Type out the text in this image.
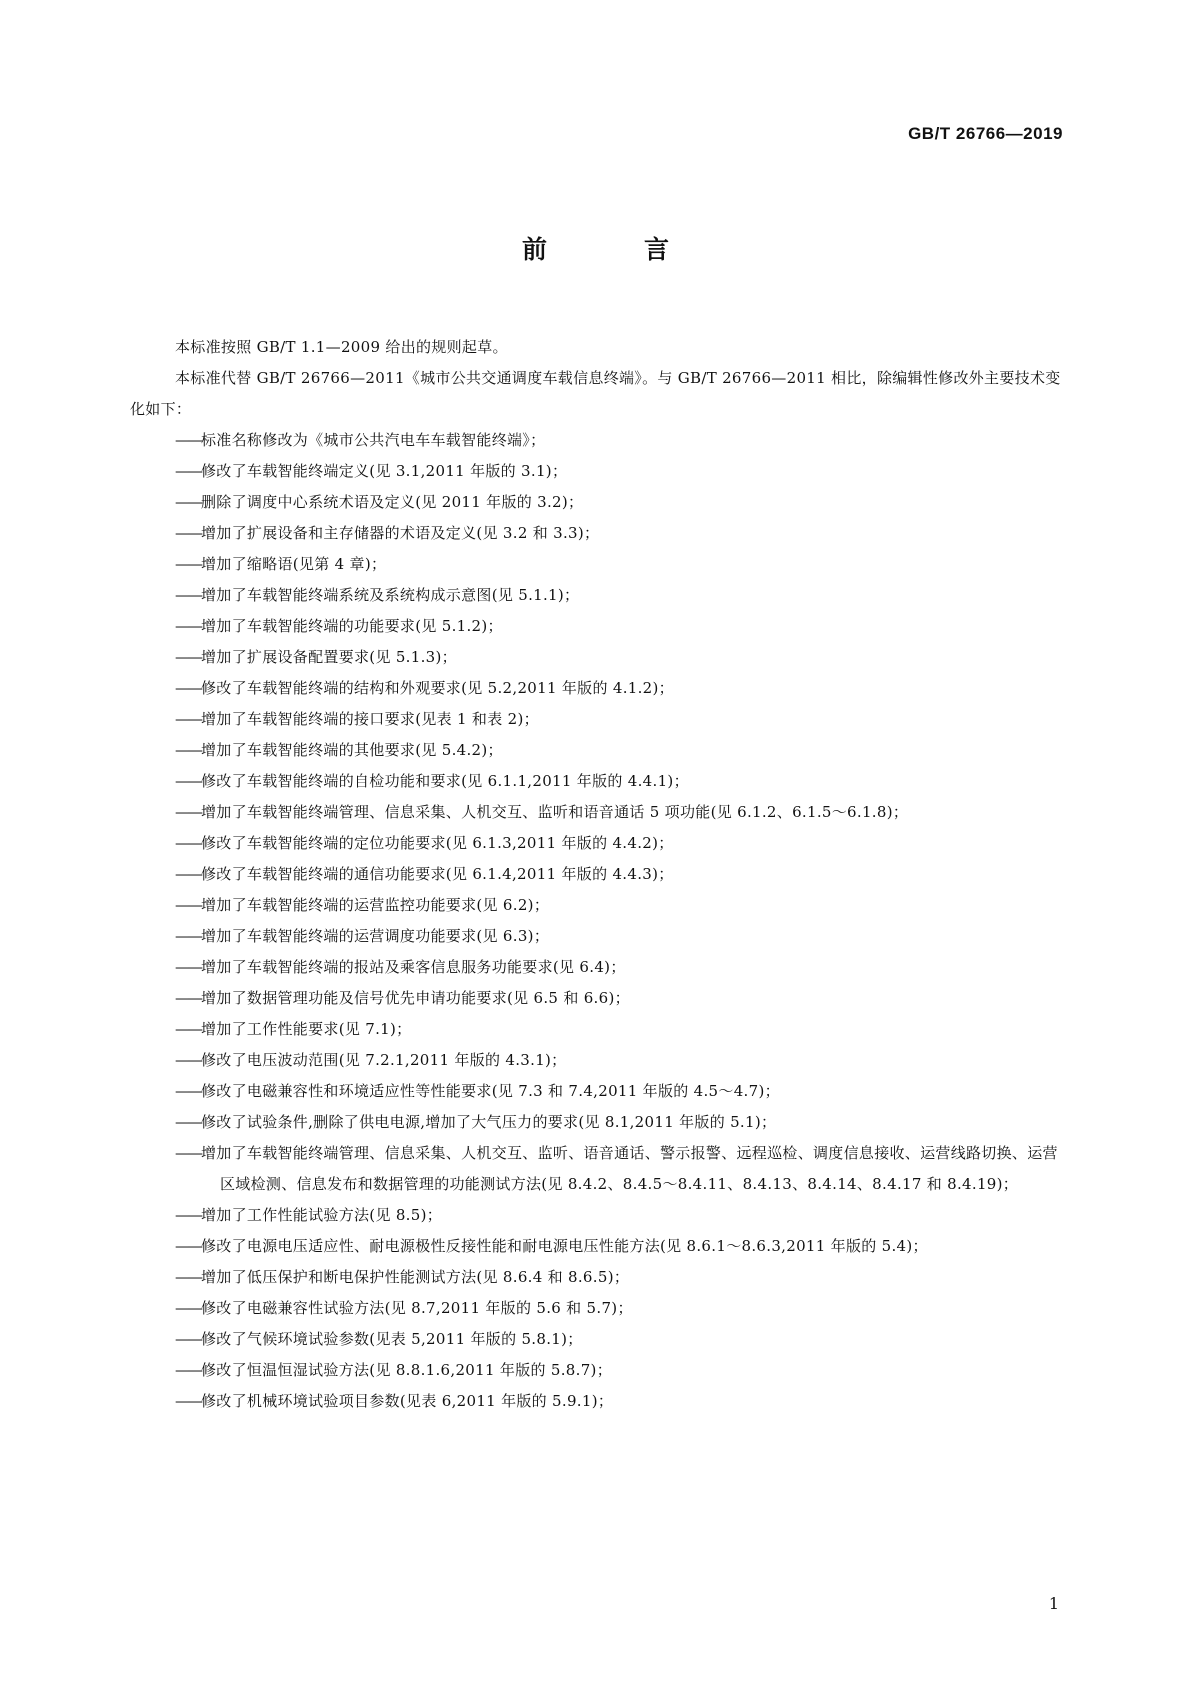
GB/T 26766—2019
前　言

本标准按照 GB/T 1.1—2009 给出的规则起草。

本标准代替 GB/T 26766—2011《城市公共交通调度车载信息终端》。与 GB/T 26766—2011 相比，除编辑性修改外主要技术变化如下：

——标准名称修改为《城市公共汽电车车载智能终端》；
——修改了车载智能终端定义(见 3.1,2011 年版的 3.1)；
——删除了调度中心系统术语及定义(见 2011 年版的 3.2)；
——增加了扩展设备和主存储器的术语及定义(见 3.2 和 3.3)；
——增加了缩略语(见第 4 章)；
——增加了车载智能终端系统及系统构成示意图(见 5.1.1)；
——增加了车载智能终端的功能要求(见 5.1.2)；
——增加了扩展设备配置要求(见 5.1.3)；
——修改了车载智能终端的结构和外观要求(见 5.2,2011 年版的 4.1.2)；
——增加了车载智能终端的接口要求(见表 1 和表 2)；
——增加了车载智能终端的其他要求(见 5.4.2)；
——修改了车载智能终端的自检功能和要求(见 6.1.1,2011 年版的 4.4.1)；
——增加了车载智能终端管理、信息采集、人机交互、监听和语音通话 5 项功能(见 6.1.2、6.1.5～6.1.8)；
——修改了车载智能终端的定位功能要求(见 6.1.3,2011 年版的 4.4.2)；
——修改了车载智能终端的通信功能要求(见 6.1.4,2011 年版的 4.4.3)；
——增加了车载智能终端的运营监控功能要求(见 6.2)；
——增加了车载智能终端的运营调度功能要求(见 6.3)；
——增加了车载智能终端的报站及乘客信息服务功能要求(见 6.4)；
——增加了数据管理功能及信号优先申请功能要求(见 6.5 和 6.6)；
——增加了工作性能要求(见 7.1)；
——修改了电压波动范围(见 7.2.1,2011 年版的 4.3.1)；
——修改了电磁兼容性和环境适应性等性能要求(见 7.3 和 7.4,2011 年版的 4.5～4.7)；
——修改了试验条件,删除了供电电源,增加了大气压力的要求(见 8.1,2011 年版的 5.1)；
——增加了车载智能终端管理、信息采集、人机交互、监听、语音通话、警示报警、远程巡检、调度信息接收、运营线路切换、运营区域检测、信息发布和数据管理的功能测试方法(见 8.4.2、8.4.5～8.4.11、8.4.13、8.4.14、8.4.17 和 8.4.19)；
——增加了工作性能试验方法(见 8.5)；
——修改了电源电压适应性、耐电源极性反接性能和耐电源电压性能方法(见 8.6.1～8.6.3,2011 年版的 5.4)；
——增加了低压保护和断电保护性能测试方法(见 8.6.4 和 8.6.5)；
——修改了电磁兼容性试验方法(见 8.7,2011 年版的 5.6 和 5.7)；
——修改了气候环境试验参数(见表 5,2011 年版的 5.8.1)；
——修改了恒温恒湿试验方法(见 8.8.1.6,2011 年版的 5.8.7)；
——修改了机械环境试验项目参数(见表 6,2011 年版的 5.9.1)；
1
